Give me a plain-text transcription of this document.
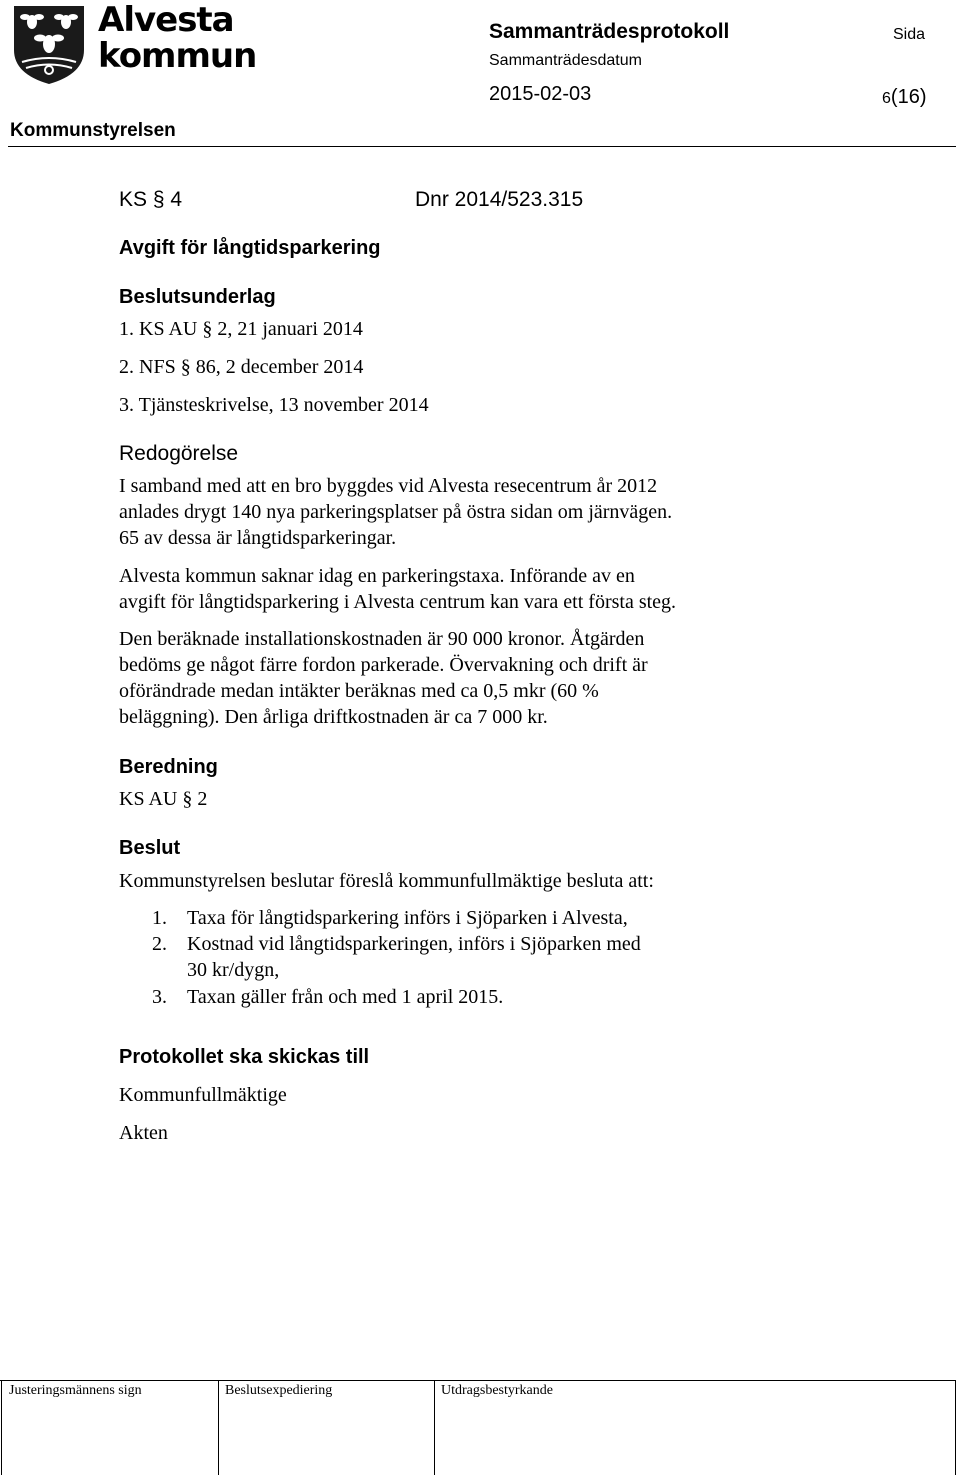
Alvesta
kommun
Sammanträdesprotokoll	Sida
Sammanträdesdatum
2015-02-03	6(16)
Kommunstyrelsen
KS § 4	Dnr 2014/523.315
Avgift för långtidsparkering
Beslutsunderlag
1. KS AU § 2, 21 januari 2014
2. NFS § 86, 2 december 2014
3. Tjänsteskrivelse, 13 november 2014
Redogörelse
I samband med att en bro byggdes vid Alvesta resecentrum år 2012
anlades drygt 140 nya parkeringsplatser på östra sidan om järnvägen.
65 av dessa är långtidsparkeringar.
Alvesta kommun saknar idag en parkeringstaxa. Införande av en
avgift för långtidsparkering i Alvesta centrum kan vara ett första steg.
Den beräknade installationskostnaden är 90 000 kronor. Åtgärden
bedöms ge något färre fordon parkerade. Övervakning och drift är
oförändrade medan intäkter beräknas med ca 0,5 mkr (60 %
beläggning). Den årliga driftkostnaden är ca 7 000 kr.
Beredning
KS AU § 2
Beslut
Kommunstyrelsen beslutar föreslå kommunfullmäktige besluta att:
1. Taxa för långtidsparkering införs i Sjöparken i Alvesta,
2. Kostnad vid långtidsparkeringen, införs i Sjöparken med
30 kr/dygn,
3. Taxan gäller från och med 1 april 2015.
Protokollet ska skickas till
Kommunfullmäktige
Akten
Justeringsmännens sign	Beslutsexpediering	Utdragsbestyrkande
